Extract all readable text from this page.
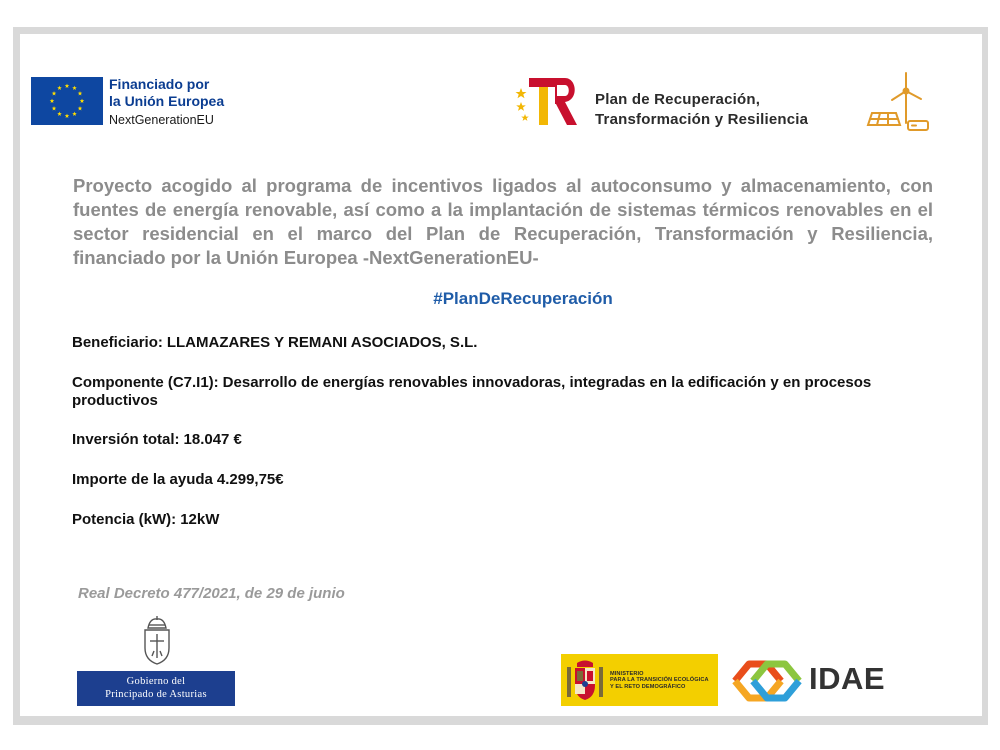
Financiado por
la Unión Europea
NextGenerationEU
Plan de Recuperación,
Transformación y Resiliencia

Proyecto acogido al programa de incentivos ligados al autoconsumo y almacenamiento, con fuentes de energía renovable, así como a la implantación de sistemas térmicos renovables en el sector residencial en el marco del Plan de Recuperación, Transformación y Resiliencia, financiado por la Unión Europea -NextGenerationEU-

#PlanDeRecuperación
Beneficiario: LLAMAZARES Y REMANI ASOCIADOS, S.L.
Componente (C7.I1): Desarrollo de energías renovables innovadoras, integradas en la edificación y en procesos productivos
Inversión total: 18.047 €
Importe de la ayuda 4.299,75€
Potencia (kW): 12kW
Real Decreto 477/2021, de 29 de junio
Gobierno del
Principado de Asturias
MINISTERIO
PARA LA TRANSICIÓN ECOLÓGICA
Y EL RETO DEMOGRÁFICO	IDAE
